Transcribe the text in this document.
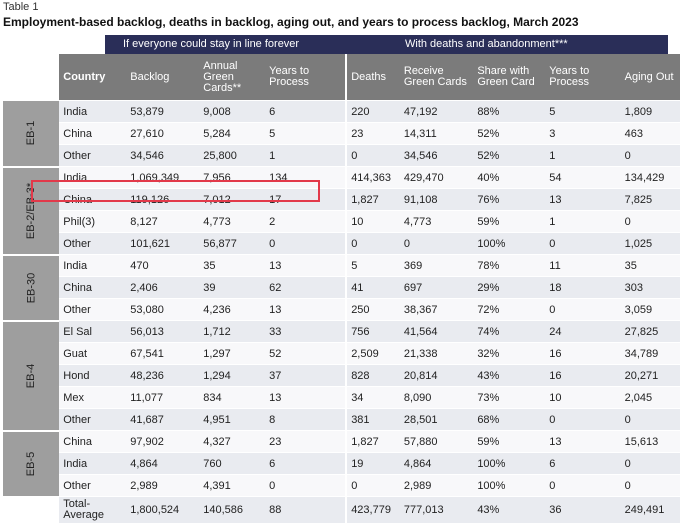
Table 1
Employment-based backlog, deaths in backlog, aging out, and years to process backlog, March 2023
If everyone could stay in line forever	With deaths and abandonment***
	Country	Backlog	Annual Green Cards**	Years to Process	Deaths	Receive Green Cards	Share with Green Card	Years to Process	Aging Out
EB-1	India	53,879	9,008	6	220	47,192	88%	5	1,809
	China	27,610	5,284	5	23	14,311	52%	3	463
	Other	34,546	25,800	1	0	34,546	52%	1	0
EB-2/EB-3*	India	1,069,349	7,956	134	414,363	429,470	40%	54	134,429
	China	119,126	7,012	17	1,827	91,108	76%	13	7,825
	Phil(3)	8,127	4,773	2	10	4,773	59%	1	0
	Other	101,621	56,877	0	0	0	100%	0	1,025
EB-30	India	470	35	13	5	369	78%	11	35
	China	2,406	39	62	41	697	29%	18	303
	Other	53,080	4,236	13	250	38,367	72%	0	3,059
EB-4	El Sal	56,013	1,712	33	756	41,564	74%	24	27,825
	Guat	67,541	1,297	52	2,509	21,338	32%	16	34,789
	Hond	48,236	1,294	37	828	20,814	43%	16	20,271
	Mex	11,077	834	13	34	8,090	73%	10	2,045
	Other	41,687	4,951	8	381	28,501	68%	0	0
EB-5	China	97,902	4,327	23	1,827	57,880	59%	13	15,613
	India	4,864	760	6	19	4,864	100%	6	0
	Other	2,989	4,391	0	0	2,989	100%	0	0
	Total-Average	1,800,524	140,586	88	423,779	777,013	43%	36	249,491
